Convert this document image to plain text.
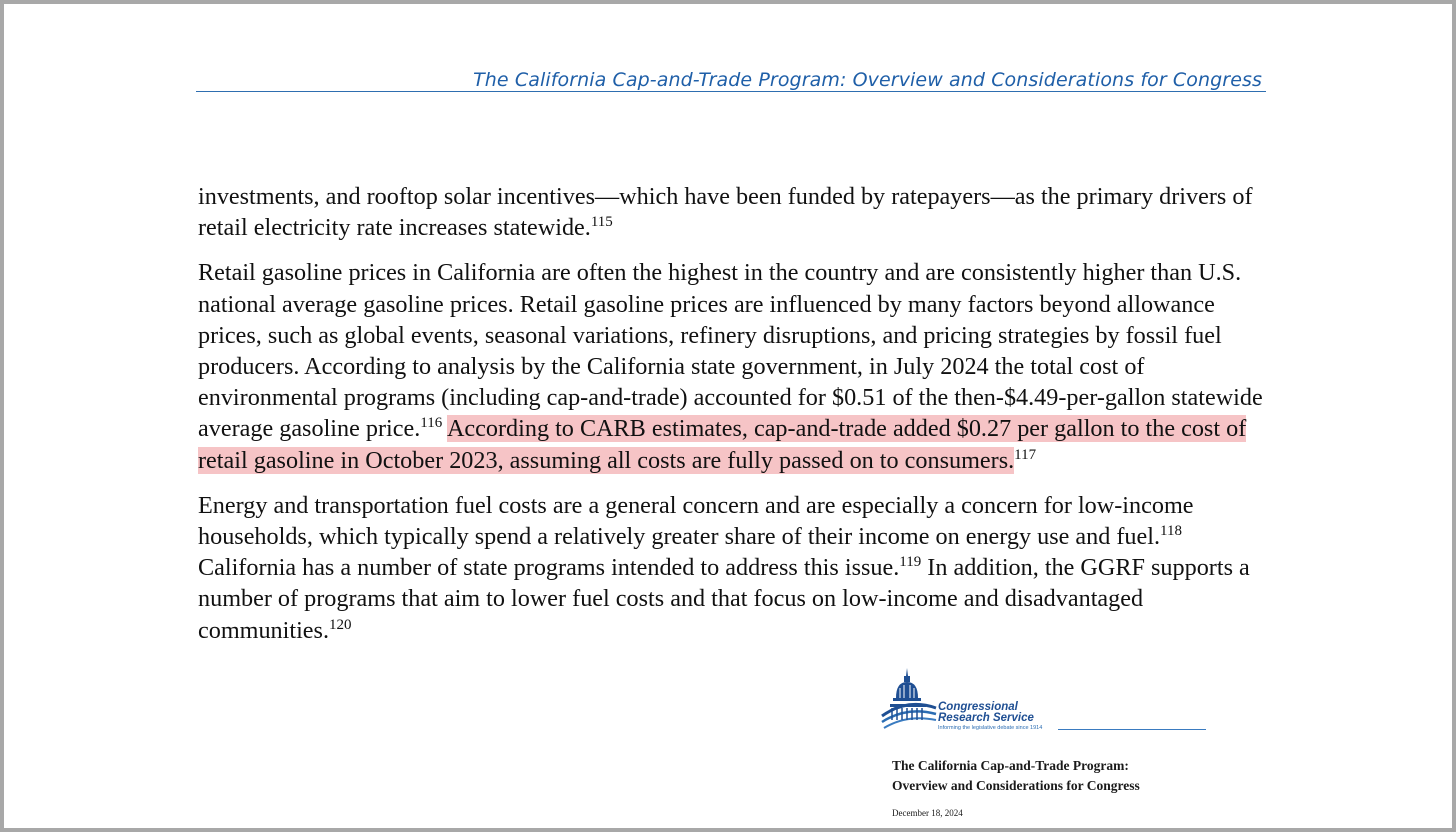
The California Cap-and-Trade Program: Overview and Considerations for Congress

investments, and rooftop solar incentives—which have been funded by ratepayers—as the primary drivers of retail electricity rate increases statewide.$^{115}$

Retail gasoline prices in California are often the highest in the country and are consistently higher than U.S. national average gasoline prices. Retail gasoline prices are influenced by many factors beyond allowance prices, such as global events, seasonal variations, refinery disruptions, and pricing strategies by fossil fuel producers. According to analysis by the California state government, in July 2024 the total cost of environmental programs (including cap-and-trade) accounted for $0.51 of the then-$4.49-per-gallon statewide average gasoline price.$^{116}$ According to CARB estimates, cap-and-trade added $0.27 per gallon to the cost of retail gasoline in October 2023, assuming all costs are fully passed on to consumers.$^{117}$

Energy and transportation fuel costs are a general concern and are especially a concern for low-income households, which typically spend a relatively greater share of their income on energy use and fuel.$^{118}$ California has a number of state programs intended to address this issue.$^{119}$ In addition, the GGRF supports a number of programs that aim to lower fuel costs and that focus on low-income and disadvantaged communities.$^{120}$

Congressional
Research Service
Informing the legislative debate since 1914
The California Cap-and-Trade Program:
Overview and Considerations for Congress
December 18, 2024
